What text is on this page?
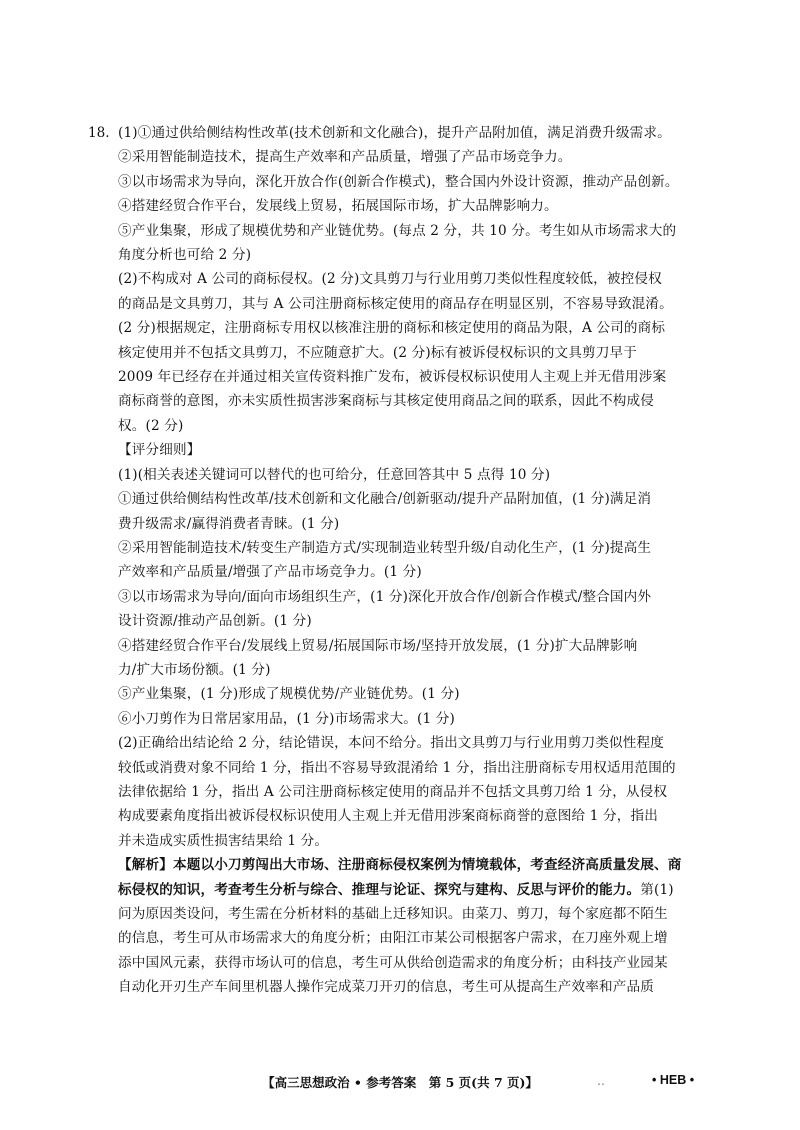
18. (1)①通过供给侧结构性改革(技术创新和文化融合)，提升产品附加值，满足消费升级需求。

②采用智能制造技术，提高生产效率和产品质量，增强了产品市场竞争力。

③以市场需求为导向，深化开放合作(创新合作模式)，整合国内外设计资源，推动产品创新。

④搭建经贸合作平台，发展线上贸易，拓展国际市场，扩大品牌影响力。

⑤产业集聚，形成了规模优势和产业链优势。(每点 2 分，共 10 分。考生如从市场需求大的

角度分析也可给 2 分)

(2)不构成对 A 公司的商标侵权。(2 分)文具剪刀与行业用剪刀类似性程度较低，被控侵权

的商品是文具剪刀，其与 A 公司注册商标核定使用的商品存在明显区别，不容易导致混淆。

(2 分)根据规定，注册商标专用权以核准注册的商标和核定使用的商品为限，A 公司的商标

核定使用并不包括文具剪刀，不应随意扩大。(2 分)标有被诉侵权标识的文具剪刀早于

2009 年已经存在并通过相关宣传资料推广发布，被诉侵权标识使用人主观上并无借用涉案

商标商誉的意图，亦未实质性损害涉案商标与其核定使用商品之间的联系，因此不构成侵

权。(2 分)

【评分细则】

(1)(相关表述关键词可以替代的也可给分，任意回答其中 5 点得 10 分)

①通过供给侧结构性改革/技术创新和文化融合/创新驱动/提升产品附加值，(1 分)满足消

费升级需求/赢得消费者青睐。(1 分)

②采用智能制造技术/转变生产制造方式/实现制造业转型升级/自动化生产，(1 分)提高生

产效率和产品质量/增强了产品市场竞争力。(1 分)

③以市场需求为导向/面向市场组织生产，(1 分)深化开放合作/创新合作模式/整合国内外

设计资源/推动产品创新。(1 分)

④搭建经贸合作平台/发展线上贸易/拓展国际市场/坚持开放发展，(1 分)扩大品牌影响

力/扩大市场份额。(1 分)

⑤产业集聚，(1 分)形成了规模优势/产业链优势。(1 分)

⑥小刀剪作为日常居家用品，(1 分)市场需求大。(1 分)

(2)正确给出结论给 2 分，结论错误，本问不给分。指出文具剪刀与行业用剪刀类似性程度

较低或消费对象不同给 1 分，指出不容易导致混淆给 1 分，指出注册商标专用权适用范围的

法律依据给 1 分，指出 A 公司注册商标核定使用的商品并不包括文具剪刀给 1 分，从侵权

构成要素角度指出被诉侵权标识使用人主观上并无借用涉案商标商誉的意图给 1 分，指出

并未造成实质性损害结果给 1 分。

【解析】本题以小刀剪闯出大市场、注册商标侵权案例为情境载体，考查经济高质量发展、商

标侵权的知识，考查考生分析与综合、推理与论证、探究与建构、反思与评价的能力。第(1)

问为原因类设问，考生需在分析材料的基础上迁移知识。由菜刀、剪刀，每个家庭都不陌生

的信息，考生可从市场需求大的角度分析；由阳江市某公司根据客户需求，在刀座外观上增

添中国风元素，获得市场认可的信息，考生可从供给创造需求的角度分析；由科技产业园某

自动化开刃生产车间里机器人操作完成菜刀开刃的信息，考生可从提高生产效率和产品质

【高三思想政治 • 参考答案　第 5 页(共 7 页)】	..	• HEB •
